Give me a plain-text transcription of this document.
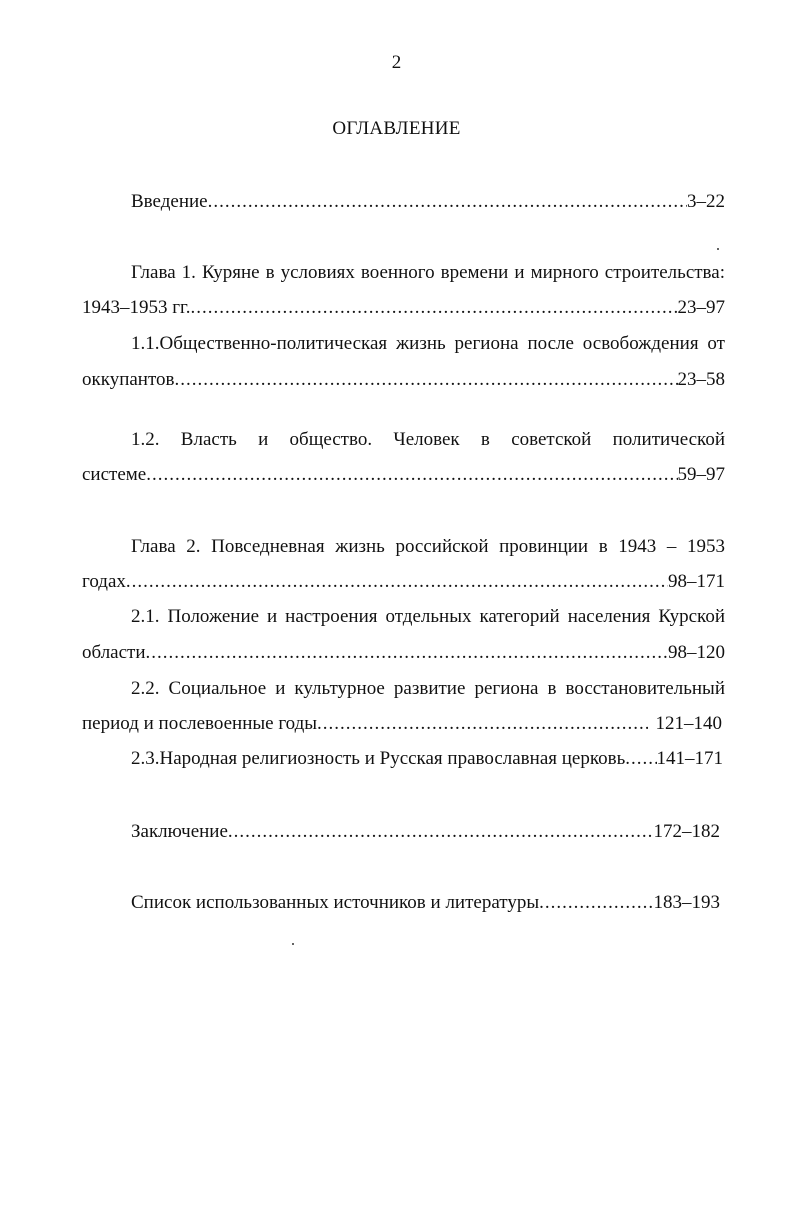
2
ОГЛАВЛЕНИЕ
Введение .....	3–22
Глава 1. Куряне в условиях военного времени и мирного строительства:
1943–1953 гг. .....	23–97
1.1.Общественно-политическая жизнь региона после освобождения от
оккупантов .....	23–58
1.2. Власть и общество. Человек в советской политической
системе .....	59–97
Глава 2. Повседневная жизнь российской провинции в 1943 – 1953
годах .....	98–171
2.1. Положение и настроения отдельных категорий населения Курской
области .....	98–120
2.2. Социальное и культурное развитие региона в восстановительный
период и послевоенные годы .....	121–140
2.3.Народная религиозность и Русская православная церковь ..... 141–171
Заключение .....	172–182
Список использованных источников и литературы .....	183–193
